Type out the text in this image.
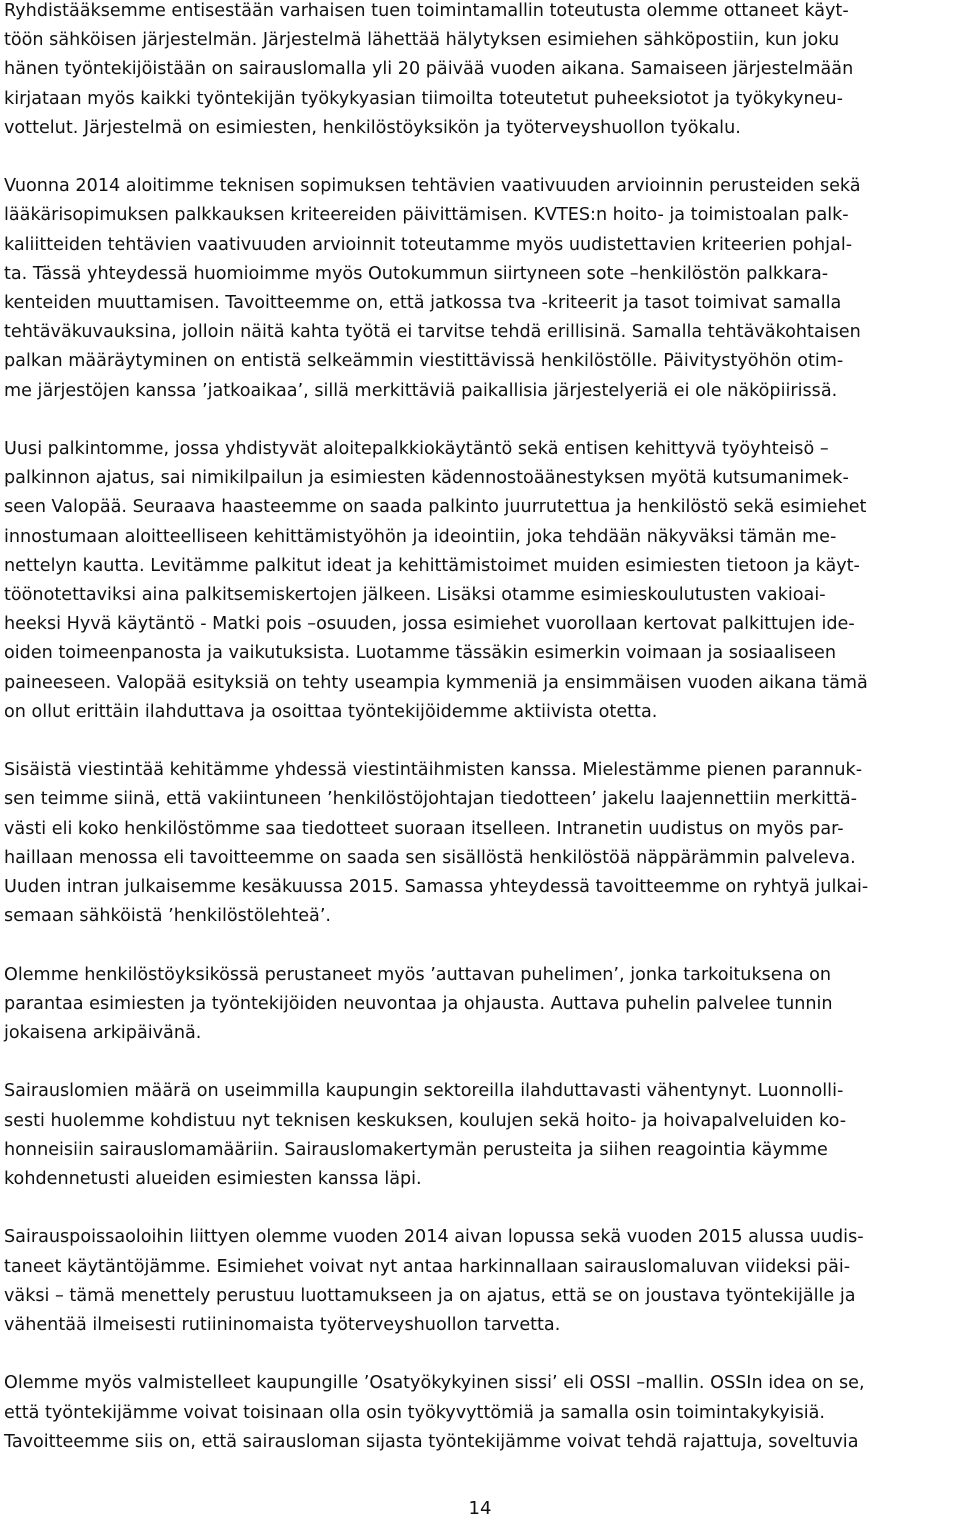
Ryhdistääksemme entisestään varhaisen tuen toimintamallin toteutusta olemme ottaneet käyt-
töön sähköisen järjestelmän. Järjestelmä lähettää hälytyksen esimiehen sähköpostiin, kun joku
hänen työntekijöistään on sairauslomalla yli 20 päivää vuoden aikana. Samaiseen järjestelmään
kirjataan myös kaikki työntekijän työkykyasian tiimoilta toteutetut puheeksiotot ja työkykyneu-
vottelut. Järjestelmä on esimiesten, henkilöstöyksikön ja työterveyshuollon työkalu.
Vuonna 2014 aloitimme teknisen sopimuksen tehtävien vaativuuden arvioinnin perusteiden sekä
lääkärisopimuksen palkkauksen kriteereiden päivittämisen. KVTES:n hoito- ja toimistoalan palk-
kaliitteiden tehtävien vaativuuden arvioinnit toteutamme myös uudistettavien kriteerien pohjal-
ta. Tässä yhteydessä huomioimme myös Outokummun siirtyneen sote –henkilöstön palkkara-
kenteiden muuttamisen. Tavoitteemme on, että jatkossa tva -kriteerit ja tasot toimivat samalla
tehtäväkuvauksina, jolloin näitä kahta työtä ei tarvitse tehdä erillisinä. Samalla tehtäväkohtaisen
palkan määräytyminen on entistä selkeämmin viestittävissä henkilöstölle. Päivitystyöhön otim-
me järjestöjen kanssa ’jatkoaikaa’, sillä merkittäviä paikallisia järjestelyeriä ei ole näköpiirissä.
Uusi palkintomme, jossa yhdistyvät aloitepalkkiokäytäntö sekä entisen kehittyvä työyhteisö –
palkinnon ajatus, sai nimikilpailun ja esimiesten kädennostoäänestyksen myötä kutsumanimek-
seen Valopää. Seuraava haasteemme on saada palkinto juurrutettua ja henkilöstö sekä esimiehet
innostumaan aloitteelliseen kehittämistyöhön ja ideointiin, joka tehdään näkyväksi tämän me-
nettelyn kautta. Levitämme palkitut ideat ja kehittämistoimet muiden esimiesten tietoon ja käyt-
töönotettaviksi aina palkitsemiskertojen jälkeen. Lisäksi otamme esimieskoulutusten vakioai-
heeksi Hyvä käytäntö - Matki pois –osuuden, jossa esimiehet vuorollaan kertovat palkittujen ide-
oiden toimeenpanosta ja vaikutuksista. Luotamme tässäkin esimerkin voimaan ja sosiaaliseen
paineeseen. Valopää esityksiä on tehty useampia kymmeniä ja ensimmäisen vuoden aikana tämä
on ollut erittäin ilahduttava ja osoittaa työntekijöidemme aktiivista otetta.
Sisäistä viestintää kehitämme yhdessä viestintäihmisten kanssa. Mielestämme pienen parannuk-
sen teimme siinä, että vakiintuneen ’henkilöstöjohtajan tiedotteen’ jakelu laajennettiin merkittä-
västi eli koko henkilöstömme saa tiedotteet suoraan itselleen. Intranetin uudistus on myös par-
haillaan menossa eli tavoitteemme on saada sen sisällöstä henkilöstöä näppärämmin palveleva.
Uuden intran julkaisemme kesäkuussa 2015. Samassa yhteydessä tavoitteemme on ryhtyä julkai-
semaan sähköistä ’henkilöstölehteä’.
Olemme henkilöstöyksikössä perustaneet myös ’auttavan puhelimen’, jonka tarkoituksena on
parantaa esimiesten ja työntekijöiden neuvontaa ja ohjausta. Auttava puhelin palvelee tunnin
jokaisena arkipäivänä.
Sairauslomien määrä on useimmilla kaupungin sektoreilla ilahduttavasti vähentynyt. Luonnolli-
sesti huolemme kohdistuu nyt teknisen keskuksen, koulujen sekä hoito- ja hoivapalveluiden ko-
honneisiin sairauslomamääriin. Sairauslomakertymän perusteita ja siihen reagointia käymme
kohdennetusti alueiden esimiesten kanssa läpi.
Sairauspoissaoloihin liittyen olemme vuoden 2014 aivan lopussa sekä vuoden 2015 alussa uudis-
taneet käytäntöjämme. Esimiehet voivat nyt antaa harkinnallaan sairauslomaluvan viideksi päi-
väksi – tämä menettely perustuu luottamukseen ja on ajatus, että se on joustava työntekijälle ja
vähentää ilmeisesti rutiininomaista työterveyshuollon tarvetta.
Olemme myös valmistelleet kaupungille ’Osatyökykyinen sissi’ eli OSSI –mallin. OSSIn idea on se,
että työntekijämme voivat toisinaan olla osin työkyvyttömiä ja samalla osin toimintakykyisiä.
Tavoitteemme siis on, että sairausloman sijasta työntekijämme voivat tehdä rajattuja, soveltuvia
14
